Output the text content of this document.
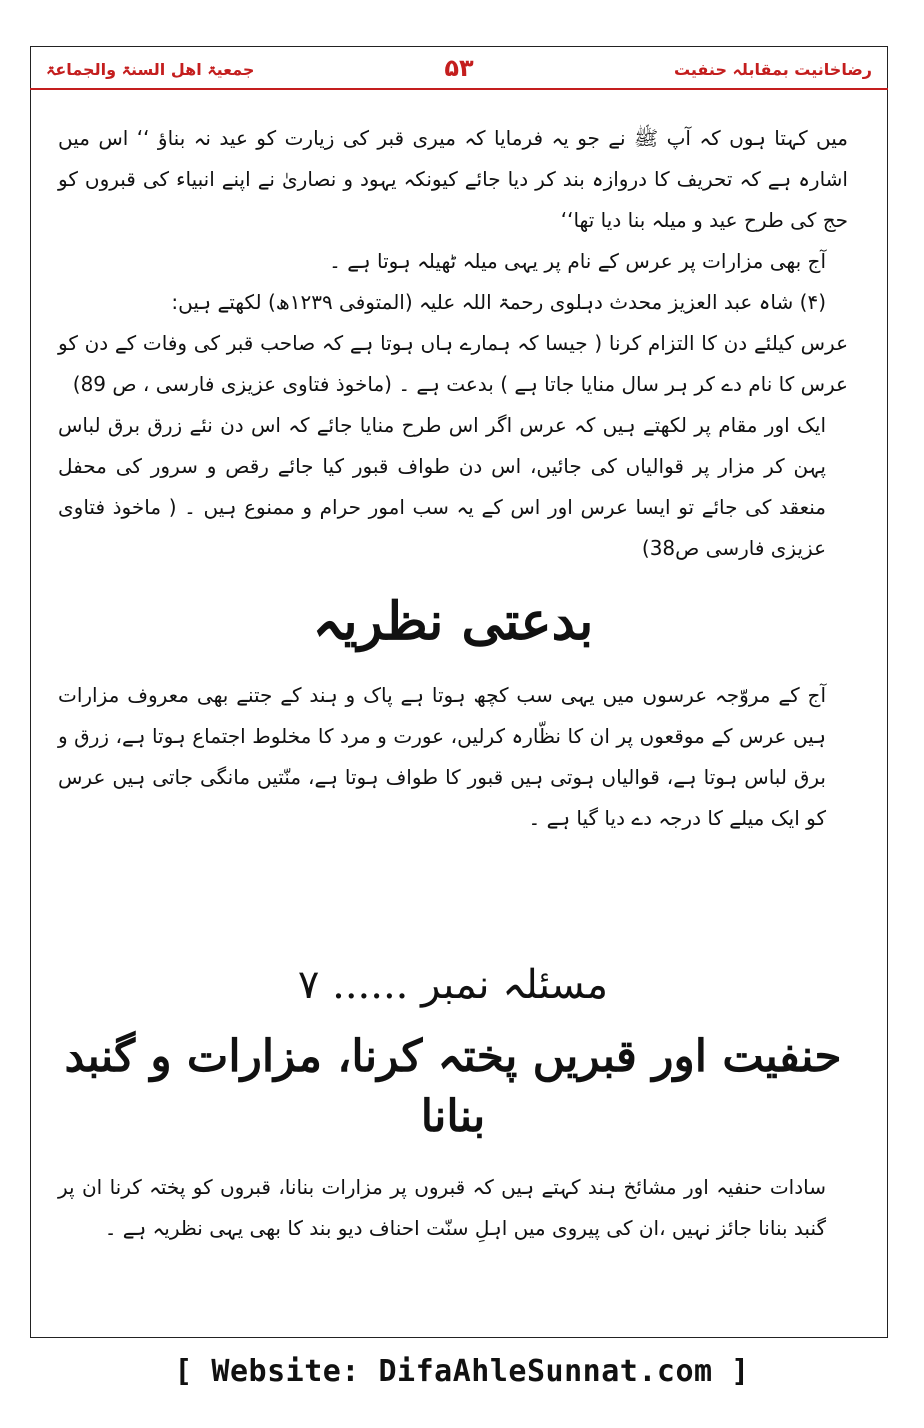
رضاخانیت بمقابلہ حنفیت
۵۳
جمعیۃ اھل السنۃ والجماعۃ

میں کہتا ہوں کہ آپ ﷺ نے جو یہ فرمایا کہ میری قبر کی زیارت کو عید نہ بناؤ ‘‘ اس میں اشارہ ہے کہ تحریف کا دروازہ بند کر دیا جائے کیونکہ یہود و نصاریٰ نے اپنے انبیاء کی قبروں کو حج کی طرح عید و میلہ بنا دیا تھا‘‘

آج بھی مزارات پر عرس کے نام پر یہی میلہ ٹھیلہ ہوتا ہے ۔

(۴) شاہ عبد العزیز محدث دہلوی رحمۃ اللہ علیہ (المتوفی ۱۲۳۹ھ) لکھتے ہیں:

عرس کیلئے دن کا التزام کرنا ( جیسا کہ ہمارے ہاں ہوتا ہے کہ صاحب قبر کی وفات کے دن کو عرس کا نام دے کر ہر سال منایا جاتا ہے ) بدعت ہے ۔ (ماخوذ فتاوی عزیزی فارسی ، ص 89)

ایک اور مقام پر لکھتے ہیں کہ عرس اگر اس طرح منایا جائے کہ اس دن نئے زرق برق لباس پہن کر مزار پر قوالیاں کی جائیں، اس دن طواف قبور کیا جائے رقص و سرور کی محفل منعقد کی جائے تو ایسا عرس اور اس کے یہ سب امور حرام و ممنوع ہیں ۔ ( ماخوذ فتاوی عزیزی فارسی ص38)

بدعتی نظریہ

آج کے مروّجہ عرسوں میں یہی سب کچھ ہوتا ہے پاک و ہند کے جتنے بھی معروف مزارات ہیں عرس کے موقعوں پر ان کا نظّارہ کرلیں، عورت و مرد کا مخلوط اجتماع ہوتا ہے، زرق و برق لباس ہوتا ہے، قوالیاں ہوتی ہیں قبور کا طواف ہوتا ہے، منّتیں مانگی جاتی ہیں عرس کو ایک میلے کا درجہ دے دیا گیا ہے ۔

مسئلہ نمبر ...... ۷
حنفیت اور قبریں پختہ کرنا، مزارات و گنبد بنانا

سادات حنفیہ اور مشائخ ہند کہتے ہیں کہ قبروں پر مزارات بنانا، قبروں کو پختہ کرنا ان پر گنبد بنانا جائز نہیں ،ان کی پیروی میں اہلِ سنّت احناف دیو بند کا بھی یہی نظریہ ہے ۔

[ Website: DifaAhleSunnat.com ]
